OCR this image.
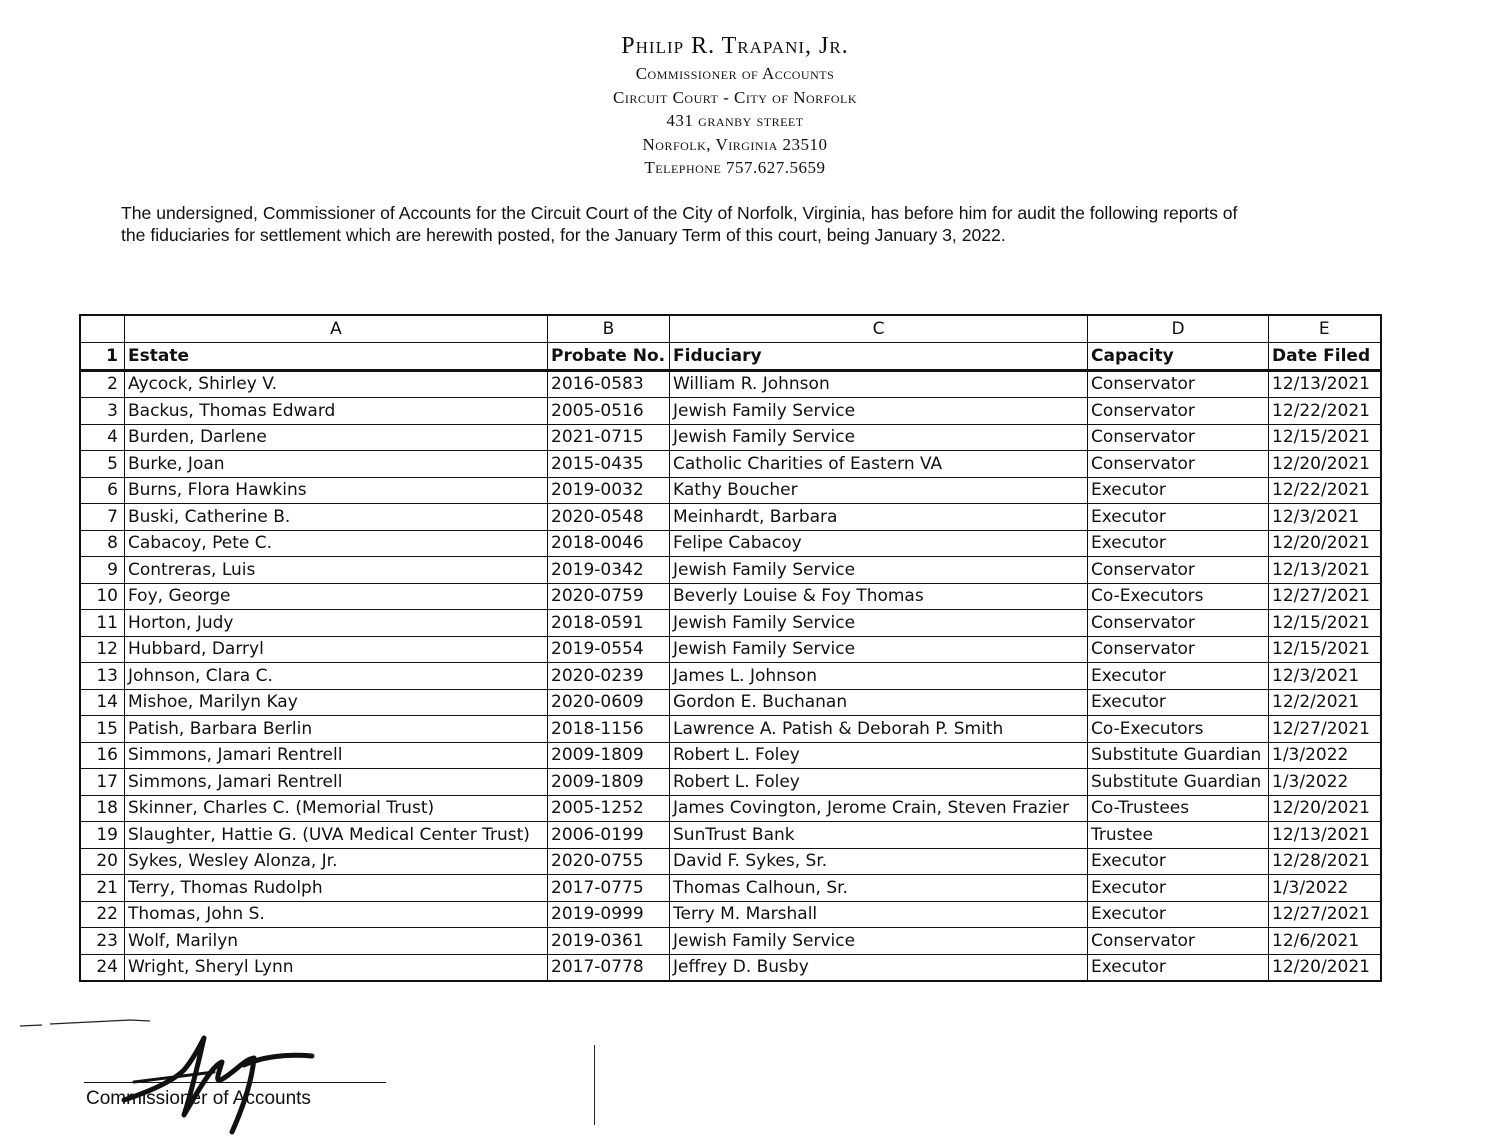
Philip R. Trapani, Jr.
Commissioner of Accounts
Circuit Court - City of Norfolk
431 granby street
Norfolk, Virginia 23510
Telephone 757.627.5659
The undersigned, Commissioner of Accounts for the Circuit Court of the City of Norfolk, Virginia, has before him for audit the following reports of
the fiduciaries for settlement which are herewith posted, for the January Term of this court, being January 3, 2022.
	A	B	C	D	E
1	Estate	Probate No.	Fiduciary	Capacity	Date Filed
2	Aycock, Shirley V.	2016-0583	William R. Johnson	Conservator	12/13/2021
3	Backus, Thomas Edward	2005-0516	Jewish Family Service	Conservator	12/22/2021
4	Burden, Darlene	2021-0715	Jewish Family Service	Conservator	12/15/2021
5	Burke, Joan	2015-0435	Catholic Charities of Eastern VA	Conservator	12/20/2021
6	Burns, Flora Hawkins	2019-0032	Kathy Boucher	Executor	12/22/2021
7	Buski, Catherine B.	2020-0548	Meinhardt, Barbara	Executor	12/3/2021
8	Cabacoy, Pete C.	2018-0046	Felipe Cabacoy	Executor	12/20/2021
9	Contreras, Luis	2019-0342	Jewish Family Service	Conservator	12/13/2021
10	Foy, George	2020-0759	Beverly Louise & Foy Thomas	Co-Executors	12/27/2021
11	Horton, Judy	2018-0591	Jewish Family Service	Conservator	12/15/2021
12	Hubbard, Darryl	2019-0554	Jewish Family Service	Conservator	12/15/2021
13	Johnson, Clara C.	2020-0239	James L. Johnson	Executor	12/3/2021
14	Mishoe, Marilyn Kay	2020-0609	Gordon E. Buchanan	Executor	12/2/2021
15	Patish, Barbara Berlin	2018-1156	Lawrence A. Patish & Deborah P. Smith	Co-Executors	12/27/2021
16	Simmons, Jamari Rentrell	2009-1809	Robert L. Foley	Substitute Guardian	1/3/2022
17	Simmons, Jamari Rentrell	2009-1809	Robert L. Foley	Substitute Guardian	1/3/2022
18	Skinner, Charles C. (Memorial Trust)	2005-1252	James Covington, Jerome Crain, Steven Frazier	Co-Trustees	12/20/2021
19	Slaughter, Hattie G. (UVA Medical Center Trust)	2006-0199	SunTrust Bank	Trustee	12/13/2021
20	Sykes, Wesley Alonza, Jr.	2020-0755	David F. Sykes, Sr.	Executor	12/28/2021
21	Terry, Thomas Rudolph	2017-0775	Thomas Calhoun, Sr.	Executor	1/3/2022
22	Thomas, John S.	2019-0999	Terry M. Marshall	Executor	12/27/2021
23	Wolf, Marilyn	2019-0361	Jewish Family Service	Conservator	12/6/2021
24	Wright, Sheryl Lynn	2017-0778	Jeffrey D. Busby	Executor	12/20/2021
Commissioner of Accounts
